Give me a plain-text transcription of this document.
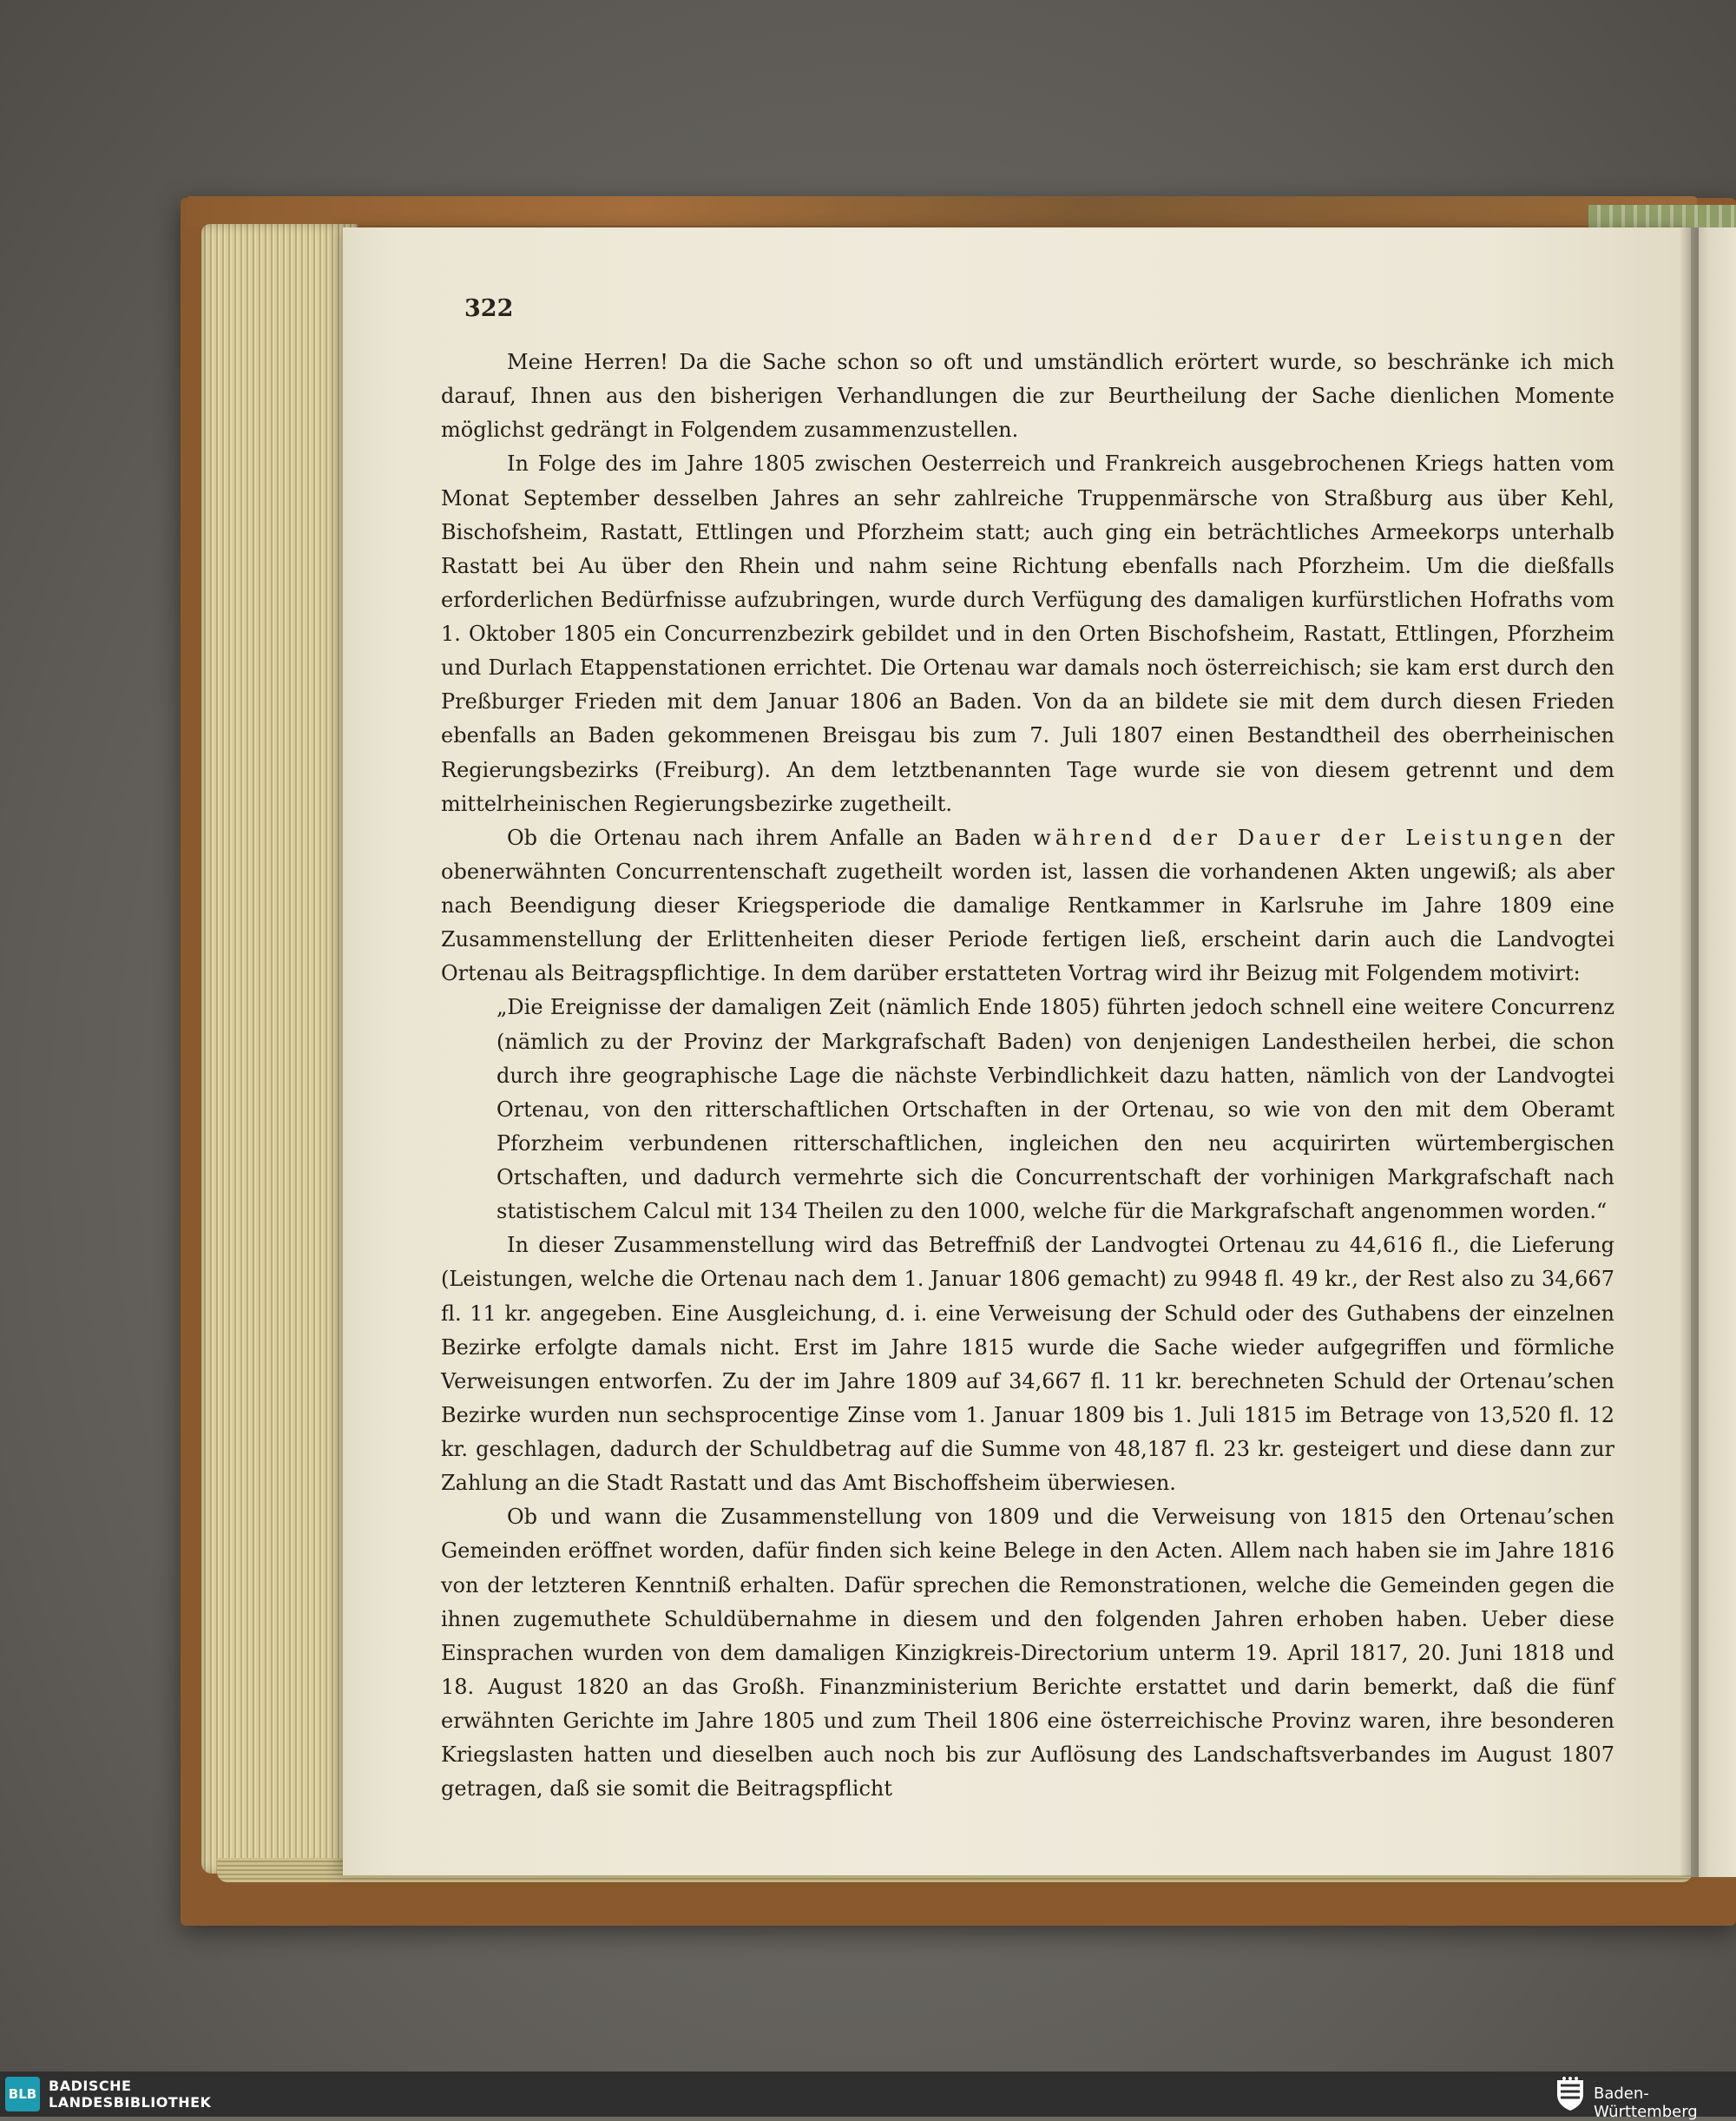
322

Meine Herren! Da die Sache schon so oft und umständlich erörtert wurde, so beschränke ich mich darauf, Ihnen aus den bisherigen Verhandlungen die zur Beurtheilung der Sache dienlichen Momente möglichst gedrängt in Folgendem zusammenzustellen.

In Folge des im Jahre 1805 zwischen Oesterreich und Frankreich ausgebrochenen Kriegs hatten vom Monat September desselben Jahres an sehr zahlreiche Truppenmärsche von Straßburg aus über Kehl, Bischofsheim, Rastatt, Ettlingen und Pforzheim statt; auch ging ein beträchtliches Armeekorps unterhalb Rastatt bei Au über den Rhein und nahm seine Richtung ebenfalls nach Pforzheim. Um die dießfalls erforderlichen Bedürfnisse aufzubringen, wurde durch Verfügung des damaligen kurfürstlichen Hofraths vom 1. Oktober 1805 ein Concurrenzbezirk gebildet und in den Orten Bischofsheim, Rastatt, Ettlingen, Pforzheim und Durlach Etappenstationen errichtet. Die Ortenau war damals noch österreichisch; sie kam erst durch den Preßburger Frieden mit dem Januar 1806 an Baden. Von da an bildete sie mit dem durch diesen Frieden ebenfalls an Baden gekommenen Breisgau bis zum 7. Juli 1807 einen Bestandtheil des oberrheinischen Regierungsbezirks (Freiburg). An dem letztbenannten Tage wurde sie von diesem getrennt und dem mittelrheinischen Regierungsbezirke zugetheilt.

Ob die Ortenau nach ihrem Anfalle an Baden während der Dauer der Leistungen der obenerwähnten Concurrentenschaft zugetheilt worden ist, lassen die vorhandenen Akten ungewiß; als aber nach Beendigung dieser Kriegsperiode die damalige Rentkammer in Karlsruhe im Jahre 1809 eine Zusammenstellung der Erlittenheiten dieser Periode fertigen ließ, erscheint darin auch die Landvogtei Ortenau als Beitragspflichtige. In dem darüber erstatteten Vortrag wird ihr Beizug mit Folgendem motivirt:

„Die Ereignisse der damaligen Zeit (nämlich Ende 1805) führten jedoch schnell eine weitere Concurrenz (nämlich zu der Provinz der Markgrafschaft Baden) von denjenigen Landestheilen herbei, die schon durch ihre geographische Lage die nächste Verbindlichkeit dazu hatten, nämlich von der Landvogtei Ortenau, von den ritterschaftlichen Ortschaften in der Ortenau, so wie von den mit dem Oberamt Pforzheim verbundenen ritterschaftlichen, ingleichen den neu acquirirten würtembergischen Ortschaften, und dadurch vermehrte sich die Concurrentschaft der vorhinigen Markgrafschaft nach statistischem Calcul mit 134 Theilen zu den 1000, welche für die Markgrafschaft angenommen worden.“

In dieser Zusammenstellung wird das Betreffniß der Landvogtei Ortenau zu 44,616 fl., die Lieferung (Leistungen, welche die Ortenau nach dem 1. Januar 1806 gemacht) zu 9948 fl. 49 kr., der Rest also zu 34,667 fl. 11 kr. angegeben. Eine Ausgleichung, d. i. eine Verweisung der Schuld oder des Guthabens der einzelnen Bezirke erfolgte damals nicht. Erst im Jahre 1815 wurde die Sache wieder aufgegriffen und förmliche Verweisungen entworfen. Zu der im Jahre 1809 auf 34,667 fl. 11 kr. berechneten Schuld der Ortenau’schen Bezirke wurden nun sechsprocentige Zinse vom 1. Januar 1809 bis 1. Juli 1815 im Betrage von 13,520 fl. 12 kr. geschlagen, dadurch der Schuldbetrag auf die Summe von 48,187 fl. 23 kr. gesteigert und diese dann zur Zahlung an die Stadt Rastatt und das Amt Bischoffsheim überwiesen.

Ob und wann die Zusammenstellung von 1809 und die Verweisung von 1815 den Ortenau’schen Gemeinden eröffnet worden, dafür finden sich keine Belege in den Acten. Allem nach haben sie im Jahre 1816 von der letzteren Kenntniß erhalten. Dafür sprechen die Remonstrationen, welche die Gemeinden gegen die ihnen zugemuthete Schuldübernahme in diesem und den folgenden Jahren erhoben haben. Ueber diese Einsprachen wurden von dem damaligen Kinzigkreis-Directorium unterm 19. April 1817, 20. Juni 1818 und 18. August 1820 an das Großh. Finanzministerium Berichte erstattet und darin bemerkt, daß die fünf erwähnten Gerichte im Jahre 1805 und zum Theil 1806 eine österreichische Provinz waren, ihre besonderen Kriegslasten hatten und dieselben auch noch bis zur Auflösung des Landschaftsverbandes im August 1807 getragen, daß sie somit die Beitragspflicht

BLB BADISCHE
LANDESBIBLIOTHEK	Baden-Württemberg
